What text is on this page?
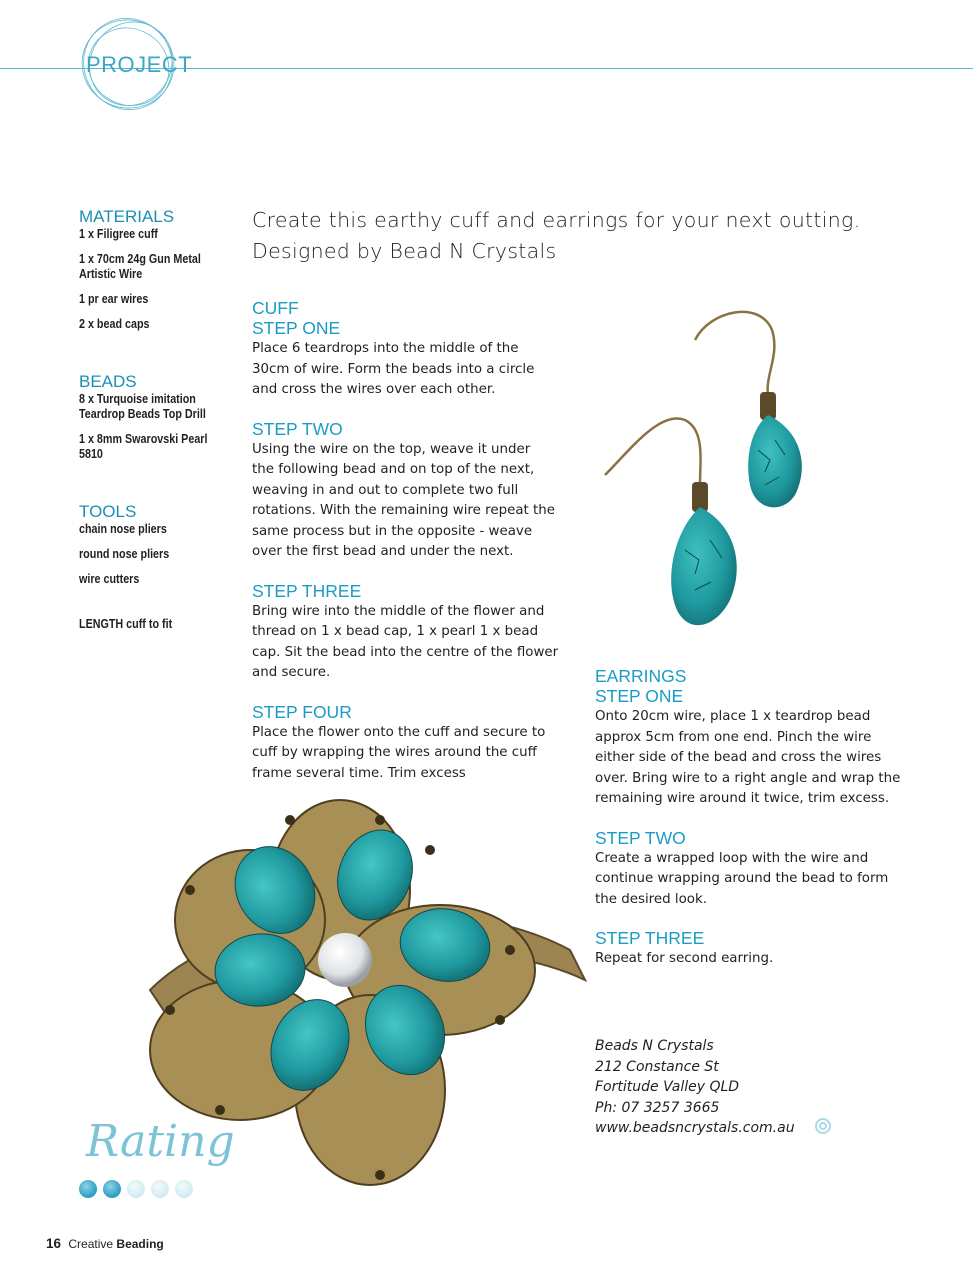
PROJECT
MATERIALS
1 x Filigree cuff
1 x 70cm 24g Gun Metal Artistic Wire
1 pr ear wires
2 x bead caps
BEADS
8 x Turquoise imitation Teardrop Beads Top Drill
1 x 8mm Swarovski Pearl 5810
TOOLS
chain nose pliers
round nose pliers
wire cutters
LENGTH cuff to fit
Create this earthy cuff and earrings for your next outting.
Designed by Bead N Crystals
CUFF
STEP ONE
Place 6 teardrops into the middle of the
30cm of wire. Form the beads into a circle
and cross the wires over each other.
STEP TWO
Using the wire on the top, weave it under
the following bead and on top of the next,
weaving in and out to complete two full
rotations. With the remaining wire repeat the
same process but in the opposite - weave
over the first bead and under the next.
STEP THREE
Bring wire into the middle of the flower and
thread on 1 x bead cap, 1 x pearl 1 x bead
cap. Sit the bead into the centre of the flower
and secure.
STEP FOUR
Place the flower onto the cuff and secure to
cuff by wrapping the wires around the cuff
frame several time. Trim excess
EARRINGS
STEP ONE
Onto 20cm wire, place 1 x teardrop bead
approx 5cm from one end. Pinch the wire
either side of the bead and cross the wires
over. Bring wire to a right angle and wrap the
remaining wire around it twice, trim excess.
STEP TWO
Create a wrapped loop with the wire and
continue wrapping around the bead to form
the desired look.
STEP THREE
Repeat for second earring.
Beads N Crystals
212 Constance St
Fortitude Valley QLD
Ph: 07 3257 3665
www.beadsncrystals.com.au
Rating
16 Creative Beading
